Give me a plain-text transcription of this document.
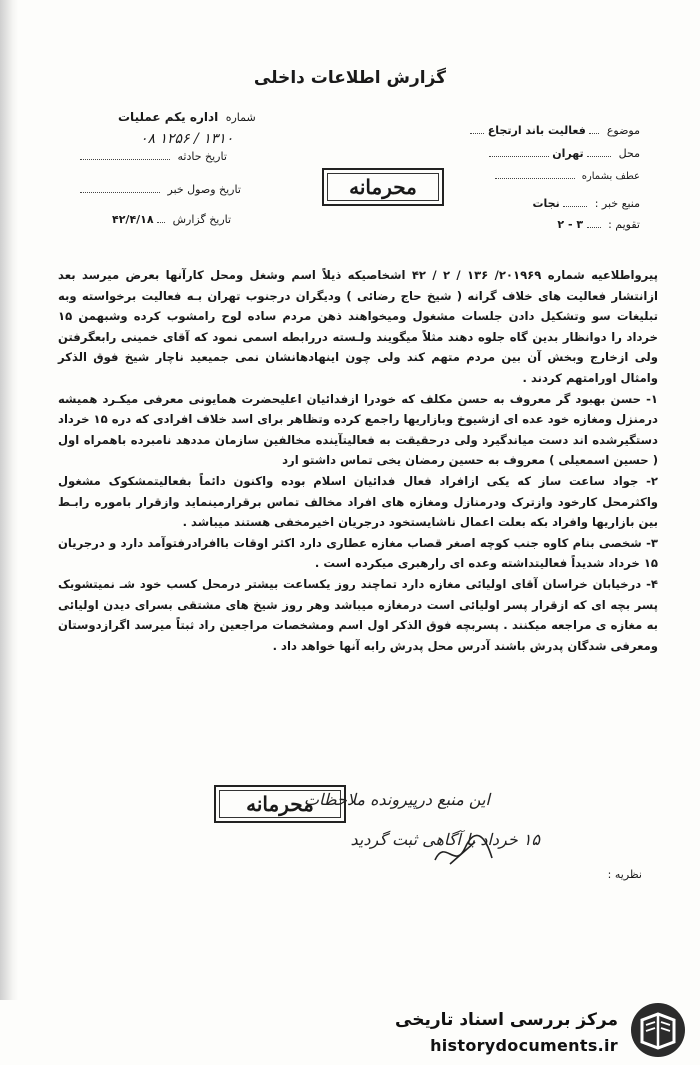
گزارش اطلاعات داخلی
موضوع  فعالیت باند ارتجاع
محل  تهران
عطف بشماره
منبع خبر :  نجات
تقویم :  ۳ - ۲
شماره اداره یکم عملیات
۱۳۱۰ / ۱۲۵۶ ۰۸
تاریخ حادثه
تاریخ وصول خبر
تاریخ گزارش  ۴۲/۴/۱۸
محرمانه

پیرواطلاعیه شماره ۲۰۱۹۶۹/ ۱۳۶ / ۲ / ۴۲ اشخاصیکه ذیلاً اسم وشغل ومحل کارآنها بعرض میرسد بعد ازانتشار فعالیت های خلاف گرانه ( شیخ حاج رضائی ) ودیگران درجنوب تهران بـه فعالیت برخواسته وبه تبلیغات سو وتشکیل دادن جلسات مشغول ومیخواهند ذهن مردم ساده لوح رامشوب کرده وشبهمن ۱۵ خرداد را دوانظار بدین گاه جلوه دهند مثلاً میگویند ولـسته دررابطه اسمی نمود که آقای خمینی رابعگرفتن ولی ازخارج وبخش آن بین مردم متهم کند ولی چون اینهادهانشان نمی جمیعید ناچار شیخ فوق الذکر وامثال اورامتهم کردند .

۱- حسن بهبود گر معروف به حسن مکلف که خودرا ازفدائیان اعلیحضرت همایونی معرفی میکـرد همیشه درمنزل ومغازه خود عده ای ازشیوخ وبازاریها راجمع کرده وتظاهر برای اسد خلاف افرادی که دره ۱۵ خرداد دستگیرشده اند دست میاندگیرد ولی درحقیقت به فعالیتآینده مخالفین سازمان مددهد نامبرده باهمراه اول ( حسین اسمعیلی ) معروف به حسین رمضان یخی تماس داشتو ارد

۲- جواد ساعت ساز که یکی ازافراد فعال فدائیان اسلام بوده واکنون دائماً بفعالیتمشکوک مشغول واکثرمحل کارخود وازترک ودرمنازل ومغازه های افراد مخالف تماس برقرارمینماید وازقرار باموره رابـط بین بازاریها وافراد بکه بعلت اعمال ناشایستخود درجریان اخیرمخفی هستند میباشد .

۳- شخصی بنام کاوه جنب کوچه اصغر قصاب مغازه عطاری دارد اکثر اوقات باافرادرفتوآمد دارد و درجریان ۱۵ خرداد شدیداً فعالیتداشته وعده ای رارهبری میکرده است .

۴- درخیابان خراسان آقای اولیائی مغازه دارد تماچند روز یکساعت بیشتر درمحل کسب خود شـ نمیتشوبک پسر بچه ای که ازقرار پسر اولیائی است درمغازه میباشد وهر روز شیخ های مشتقی بسرای دیدن اولیائی به مغازه ی مراجعه میکنند . پسربچه فوق الذکر اول اسم ومشخصات مراجعین راد ثبتاً میرسد اگرازدوستان ومعرفی شدگان پدرش باشند آدرس محل پدرش رابه آنها خواهد داد .

محرمانه
این منبع درپیرونده ملاحظات
۱۵ خرداد با آگاهی ثبت گردید
نظریه :
مرکز بررسی اسناد تاریخی
historydocuments.ir
